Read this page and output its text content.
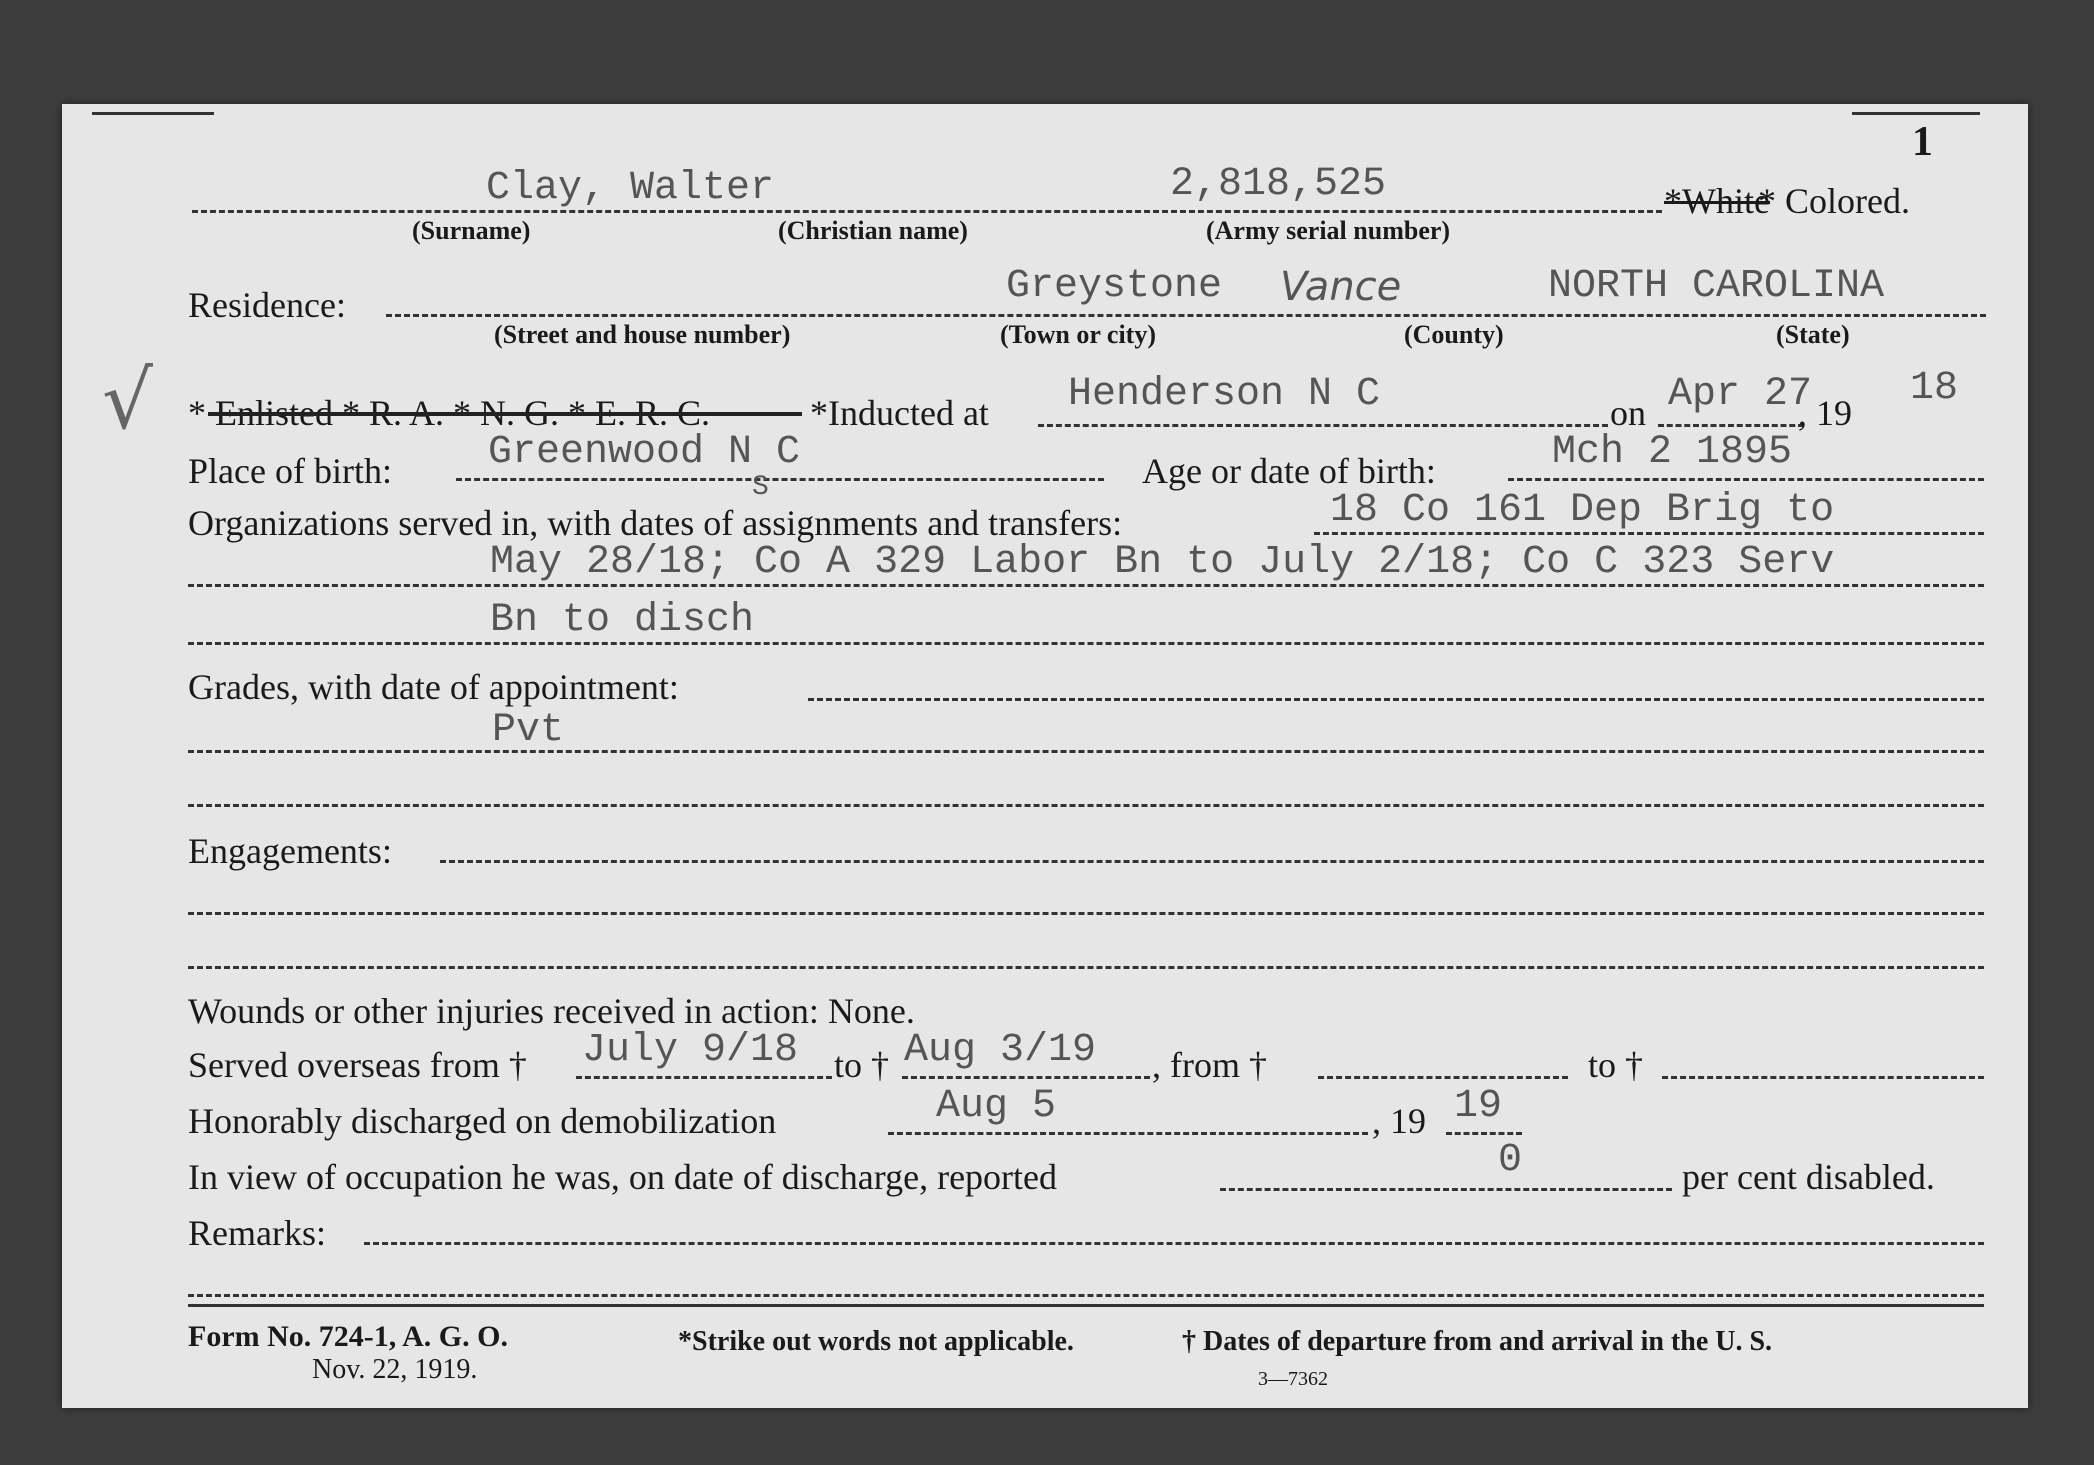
1
Clay, Walter	2,818,525	*White
* Colored.
(Surname)	(Christian name)	(Army serial number)
Residence:	Greystone Vance	NORTH CAROLINA
(Street and house number)	(Town or city)	(County)	(State)
√ * Enlisted * R. A. * N. G. * E. R. C.	*Inducted at Henderson N C	on Apr 27
, 19
18
Place of birth: Greenwood N C
S	Age or date of birth:	Mch 2 1895
Organizations served in, with dates of assignments and transfers:	18 Co 161 Dep Brig to
May 28/18; Co A 329 Labor Bn to July 2/18; Co C 323 Serv
Bn to disch
Grades, with date of appointment:
Pvt
Engagements:
Wounds or other injuries received in action: None.
Served overseas from † July 9/18 to † Aug 3/19 , from †	to †
Honorably discharged on demobilization	Aug 5	, 19 19
In view of occupation he was, on date of discharge, reported	0	per cent disabled.
Remarks:
Form No. 724-1, A. G. O.
Nov. 22, 1919.
*Strike out words not applicable.	† Dates of departure from and arrival in the U. S.
3—7362
